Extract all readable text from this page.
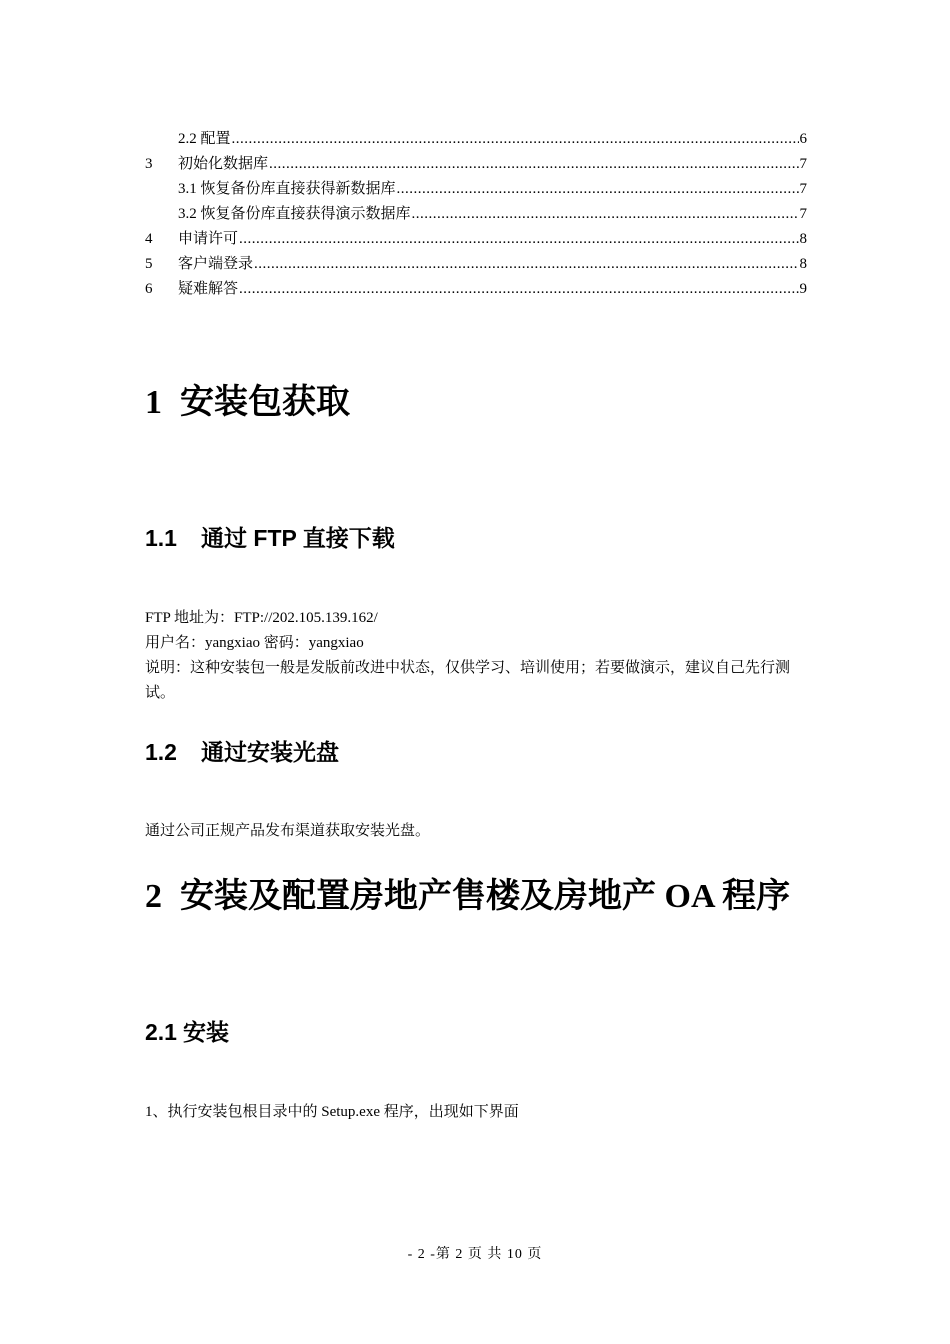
2.2 配置 .....	6
3	初始化数据库 .....	7
3.1 恢复备份库直接获得新数据库 .....	7
3.2 恢复备份库直接获得演示数据库 .....	7
4	申请许可 .....	8
5	客户端登录 .....	8
6	疑难解答 .....	9
1 安装包获取
1.1 通过 FTP 直接下载

FTP 地址为：FTP://202.105.139.162/

用户名：yangxiao 密码：yangxiao

说明：这种安装包一般是发版前改进中状态，仅供学习、培训使用；若要做演示，建议自己先行测试。

1.2 通过安装光盘

通过公司正规产品发布渠道获取安装光盘。

2 安装及配置房地产售楼及房地产 OA 程序
2.1 安装

1、执行安装包根目录中的 Setup.exe 程序，出现如下界面

- 2 -第 2 页 共 10 页
